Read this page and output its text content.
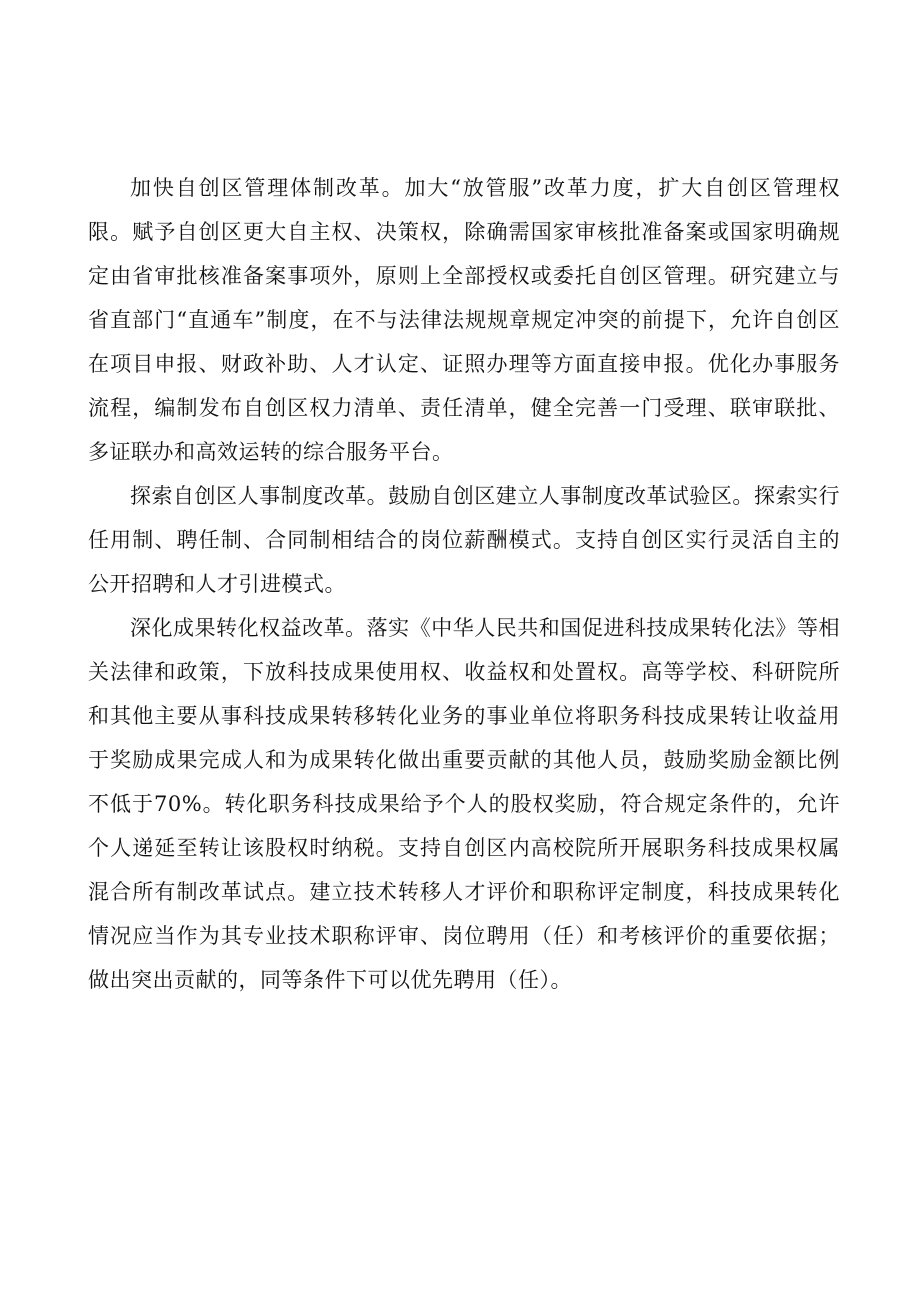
加快自创区管理体制改革。加大“放管服”改革力度，扩大自创区管理权限。赋予自创区更大自主权、决策权，除确需国家审核批准备案或国家明确规定由省审批核准备案事项外，原则上全部授权或委托自创区管理。研究建立与省直部门“直通车”制度，在不与法律法规规章规定冲突的前提下，允许自创区在项目申报、财政补助、人才认定、证照办理等方面直接申报。优化办事服务流程，编制发布自创区权力清单、责任清单，健全完善一门受理、联审联批、多证联办和高效运转的综合服务平台。

探索自创区人事制度改革。鼓励自创区建立人事制度改革试验区。探索实行任用制、聘任制、合同制相结合的岗位薪酬模式。支持自创区实行灵活自主的公开招聘和人才引进模式。

深化成果转化权益改革。落实《中华人民共和国促进科技成果转化法》等相关法律和政策，下放科技成果使用权、收益权和处置权。高等学校、科研院所和其他主要从事科技成果转移转化业务的事业单位将职务科技成果转让收益用于奖励成果完成人和为成果转化做出重要贡献的其他人员，鼓励奖励金额比例不低于70%。转化职务科技成果给予个人的股权奖励，符合规定条件的，允许个人递延至转让该股权时纳税。支持自创区内高校院所开展职务科技成果权属混合所有制改革试点。建立技术转移人才评价和职称评定制度，科技成果转化情况应当作为其专业技术职称评审、岗位聘用（任）和考核评价的重要依据；做出突出贡献的，同等条件下可以优先聘用（任）。
